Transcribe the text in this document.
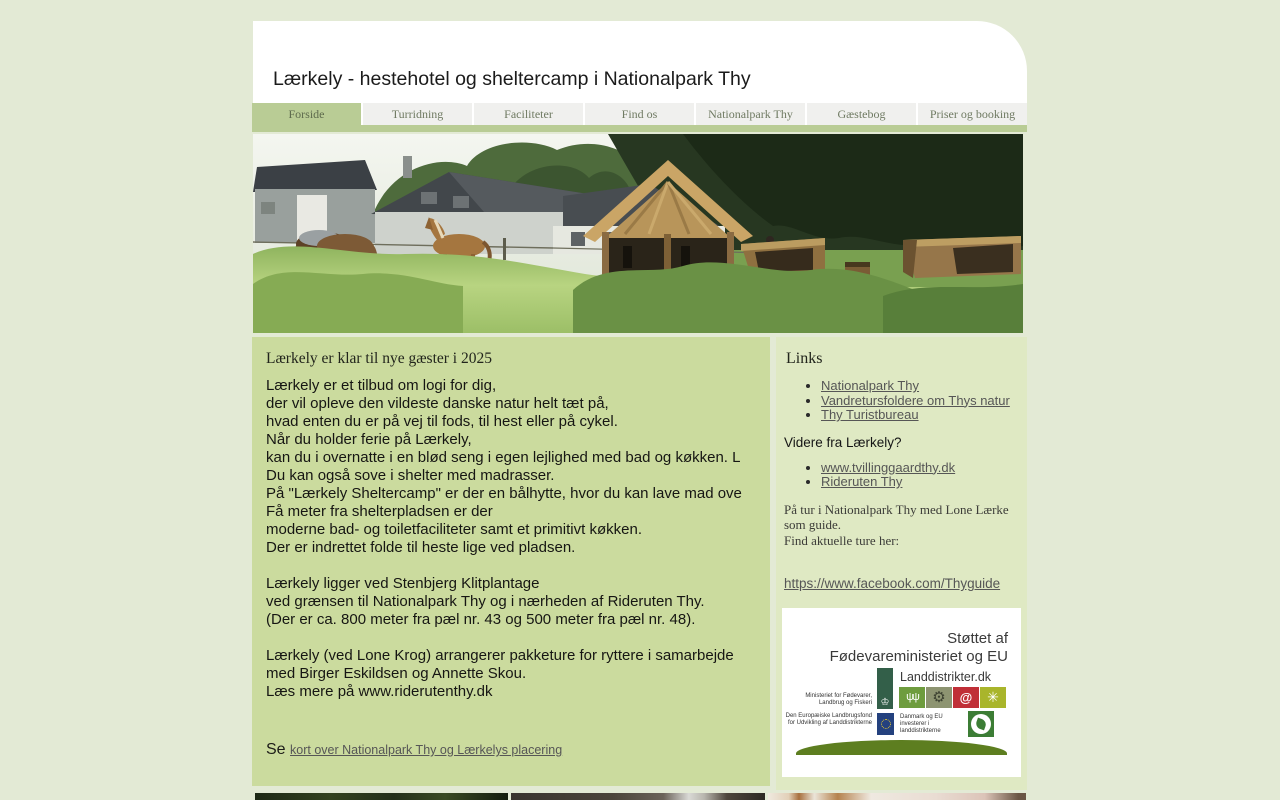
Lærkely - hestehotel og sheltercamp i Nationalpark Thy
Forside	Turridning	Faciliteter	Find os	Nationalpark Thy	Gæstebog	Priser og booking
Lærkely er klar til nye gæster i 2025
Lærkely er et tilbud om logi for dig,
der vil opleve den vildeste danske natur helt tæt på,
hvad enten du er på vej til fods, til hest eller på cykel.
Når du holder ferie på Lærkely,
kan du i overnatte i en blød seng i egen lejlighed med bad og køkken. L
Du kan også sove i shelter med madrasser.
På "Lærkely Sheltercamp" er der en bålhytte, hvor du kan lave mad ove
Få meter fra shelterpladsen er der
moderne bad- og toiletfaciliteter samt et primitivt køkken.
Der er indrettet folde til heste lige ved pladsen.
Lærkely ligger ved Stenbjerg Klitplantage
ved grænsen til Nationalpark Thy og i nærheden af Rideruten Thy.
(Der er ca. 800 meter fra pæl nr. 43 og 500 meter fra pæl nr. 48).
Lærkely (ved Lone Krog) arrangerer pakketure for ryttere i samarbejde
med Birger Eskildsen og Annette Skou.
Læs mere på www.riderutenthy.dk
Se kort over Nationalpark Thy og Lærkelys placering
Links
• Nationalpark Thy
• Vandretursfoldere om Thys natur
• Thy Turistbureau
Videre fra Lærkely?
• www.tvillinggaardthy.dk
• Rideruten Thy
På tur i Nationalpark Thy med Lone Lærke som guide.
Find aktuelle ture her:
https://www.facebook.com/Thyguide
Støttet af
Fødevareministeriet og EU
♔
Landdistrikter.dk
ψψ ⚙	@	✳
Ministeriet for Fødevarer, Landbrug og Fiskeri
Den Europæiske Landbrugsfond for Udvikling af Landdistrikterne
Danmark og EU investerer i landdistrikterne
